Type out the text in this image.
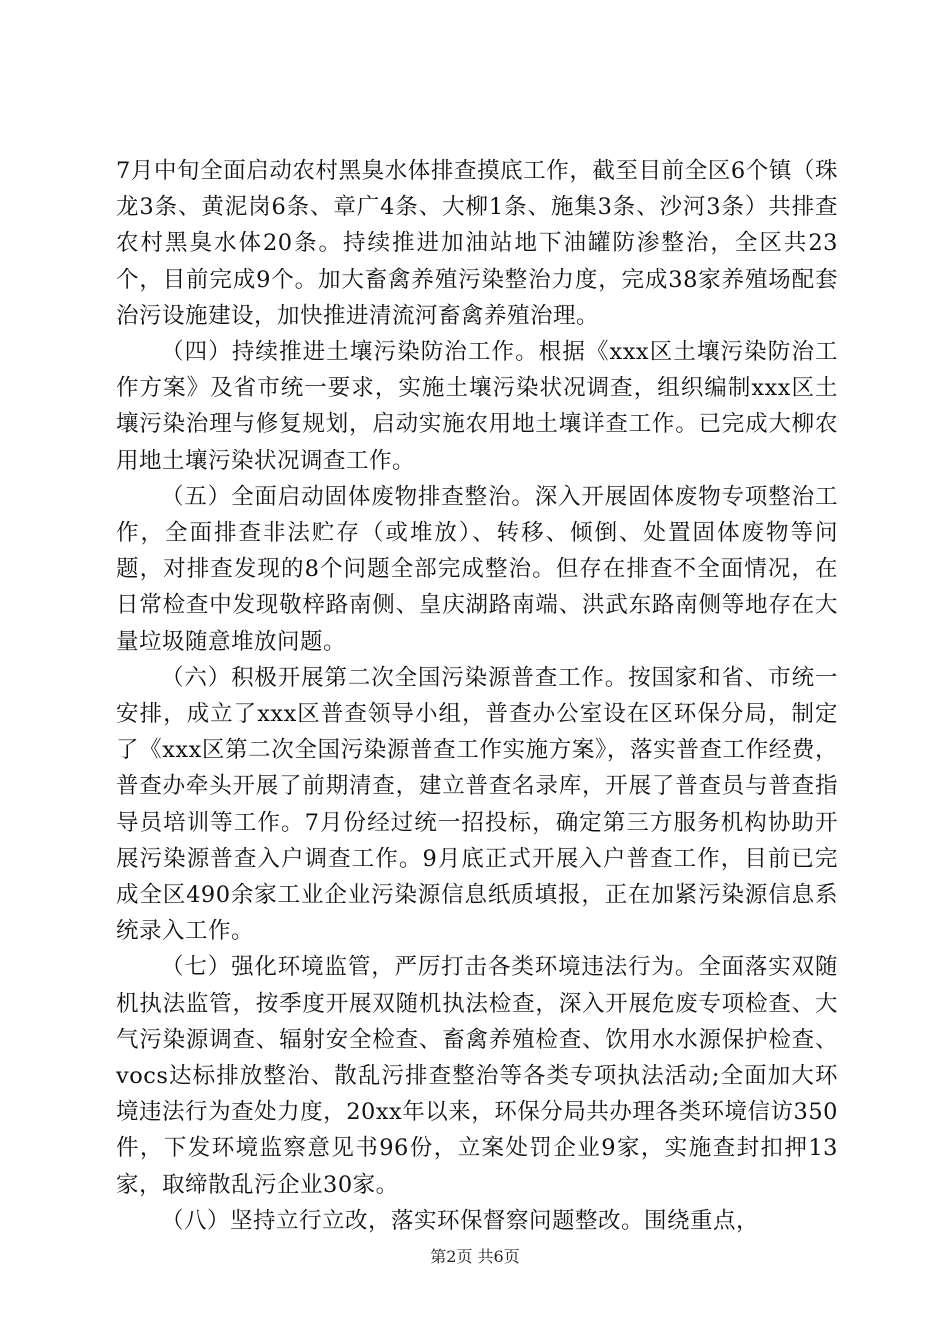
7月中旬全面启动农村黑臭水体排查摸底工作，截至目前全区6个镇（珠龙3条、黄泥岗6条、章广4条、大柳1条、施集3条、沙河3条）共排查农村黑臭水体20条。持续推进加油站地下油罐防渗整治，全区共23个，目前完成9个。加大畜禽养殖污染整治力度，完成38家养殖场配套治污设施建设，加快推进清流河畜禽养殖治理。

（四）持续推进土壤污染防治工作。根据《xxx区土壤污染防治工作方案》及省市统一要求，实施土壤污染状况调查，组织编制xxx区土壤污染治理与修复规划，启动实施农用地土壤详查工作。已完成大柳农用地土壤污染状况调查工作。

（五）全面启动固体废物排查整治。深入开展固体废物专项整治工作，全面排查非法贮存（或堆放）、转移、倾倒、处置固体废物等问题，对排查发现的8个问题全部完成整治。但存在排查不全面情况，在日常检查中发现敬梓路南侧、皇庆湖路南端、洪武东路南侧等地存在大量垃圾随意堆放问题。

（六）积极开展第二次全国污染源普查工作。按国家和省、市统一安排，成立了xxx区普查领导小组，普查办公室设在区环保分局，制定了《xxx区第二次全国污染源普查工作实施方案》，落实普查工作经费，普查办牵头开展了前期清查，建立普查名录库，开展了普查员与普查指导员培训等工作。7月份经过统一招投标，确定第三方服务机构协助开展污染源普查入户调查工作。9月底正式开展入户普查工作，目前已完成全区490余家工业企业污染源信息纸质填报，正在加紧污染源信息系统录入工作。

（七）强化环境监管，严厉打击各类环境违法行为。全面落实双随机执法监管，按季度开展双随机执法检查，深入开展危废专项检查、大气污染源调查、辐射安全检查、畜禽养殖检查、饮用水水源保护检查、vocs达标排放整治、散乱污排查整治等各类专项执法活动;全面加大环境违法行为查处力度，20xx年以来，环保分局共办理各类环境信访350件，下发环境监察意见书96份，立案处罚企业9家，实施查封扣押13家，取缔散乱污企业30家。

（八）坚持立行立改，落实环保督察问题整改。围绕重点，

第2页 共6页
